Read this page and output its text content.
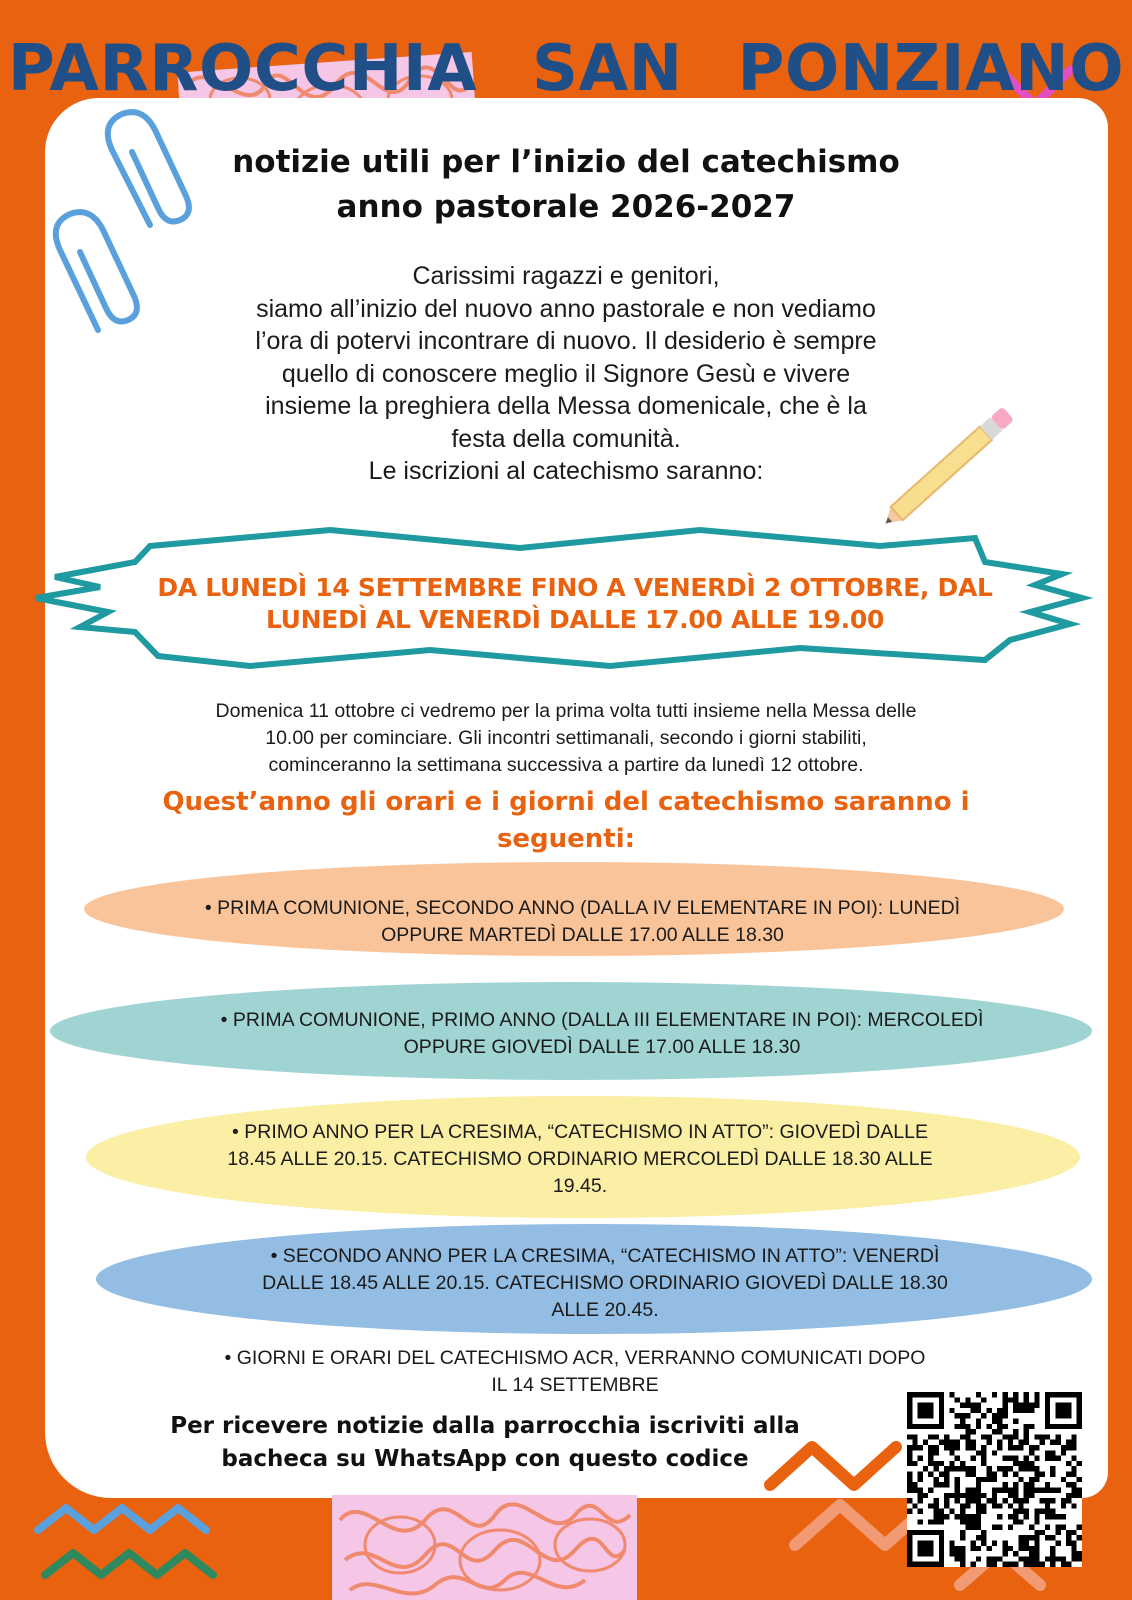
PARROCCHIA SAN PONZIANO
notizie utili per l’inizio del catechismo
anno pastorale 2026-2027
Carissimi ragazzi e genitori,
siamo all’inizio del nuovo anno pastorale e non vediamo
l’ora di potervi incontrare di nuovo. Il desiderio è sempre
quello di conoscere meglio il Signore Gesù e vivere
insieme la preghiera della Messa domenicale, che è la
festa della comunità.
Le iscrizioni al catechismo saranno:
DA LUNEDÌ 14 SETTEMBRE FINO A VENERDÌ 2 OTTOBRE, DAL
LUNEDÌ AL VENERDÌ DALLE 17.00 ALLE 19.00
Domenica 11 ottobre ci vedremo per la prima volta tutti insieme nella Messa delle
10.00 per cominciare. Gli incontri settimanali, secondo i giorni stabiliti,
cominceranno la settimana successiva a partire da lunedì 12 ottobre.
Quest’anno gli orari e i giorni del catechismo saranno i
seguenti:
• PRIMA COMUNIONE, SECONDO ANNO (DALLA IV ELEMENTARE IN POI): LUNEDÌ
OPPURE MARTEDÌ DALLE 17.00 ALLE 18.30
• PRIMA COMUNIONE, PRIMO ANNO (DALLA III ELEMENTARE IN POI): MERCOLEDÌ
OPPURE GIOVEDÌ DALLE 17.00 ALLE 18.30
• PRIMO ANNO PER LA CRESIMA, “CATECHISMO IN ATTO”: GIOVEDÌ DALLE
18.45 ALLE 20.15. CATECHISMO ORDINARIO MERCOLEDÌ DALLE 18.30 ALLE
19.45.
• SECONDO ANNO PER LA CRESIMA, “CATECHISMO IN ATTO”: VENERDÌ
DALLE 18.45 ALLE 20.15. CATECHISMO ORDINARIO GIOVEDÌ DALLE 18.30
ALLE 20.45.
• GIORNI E ORARI DEL CATECHISMO ACR, VERRANNO COMUNICATI DOPO
IL 14 SETTEMBRE
Per ricevere notizie dalla parrocchia iscriviti alla
bacheca su WhatsApp con questo codice
